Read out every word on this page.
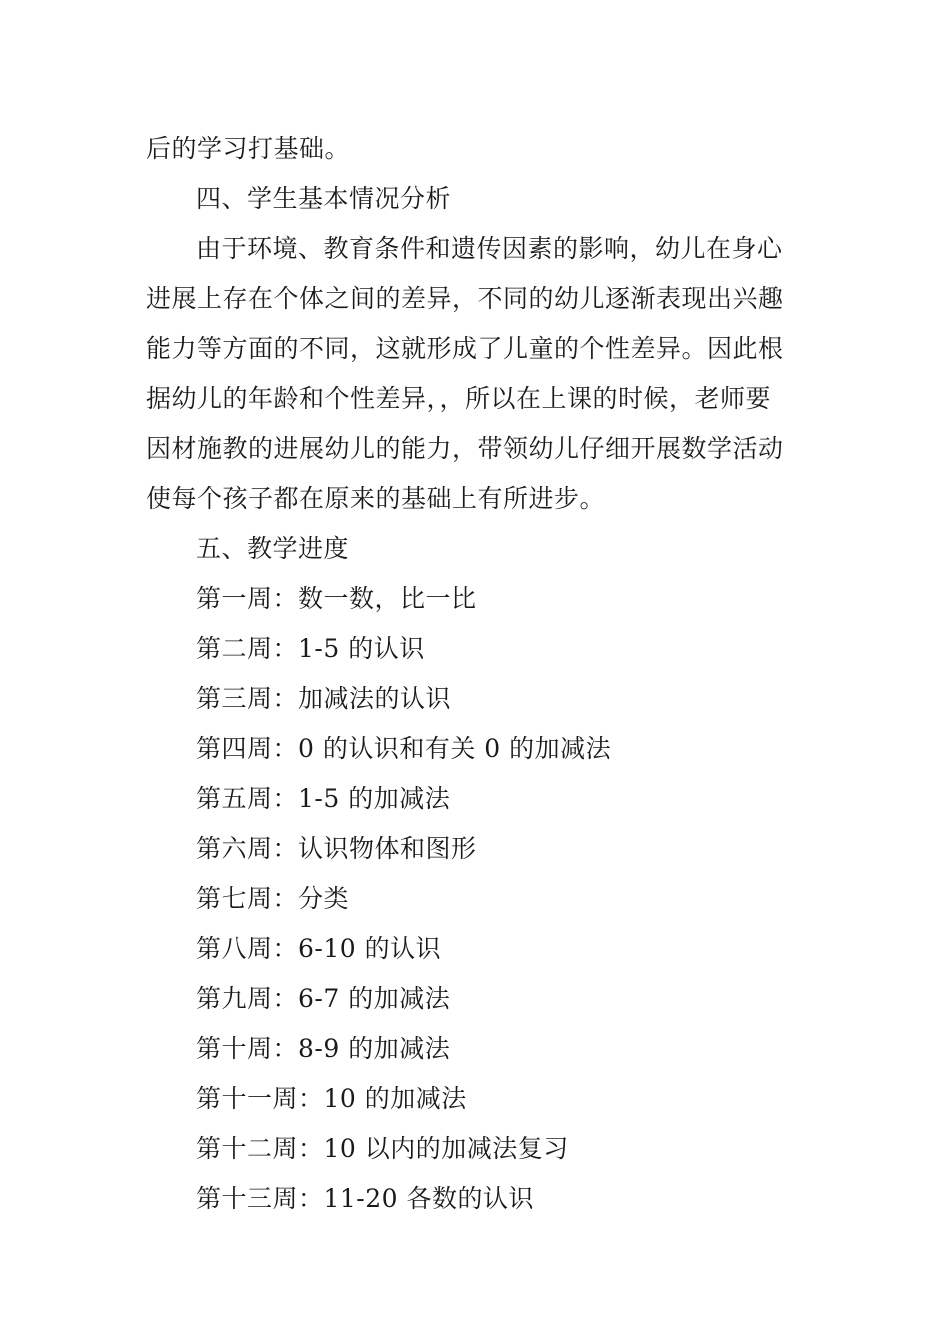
后的学习打基础。
四、学生基本情况分析
由于环境、教育条件和遗传因素的影响，幼儿在身心
进展上存在个体之间的差异，不同的幼儿逐渐表现出兴趣
能力等方面的不同，这就形成了儿童的个性差异。因此根
据幼儿的年龄和个性差异，，所以在上课的时候，老师要
因材施教的进展幼儿的能力，带领幼儿仔细开展数学活动
使每个孩子都在原来的基础上有所进步。
五、教学进度
第一周：数一数，比一比
第二周：1-5 的认识
第三周：加减法的认识
第四周：0 的认识和有关 0 的加减法
第五周：1-5 的加减法
第六周：认识物体和图形
第七周：分类
第八周：6-10 的认识
第九周：6-7 的加减法
第十周：8-9 的加减法
第十一周：10 的加减法
第十二周：10 以内的加减法复习
第十三周：11-20 各数的认识
